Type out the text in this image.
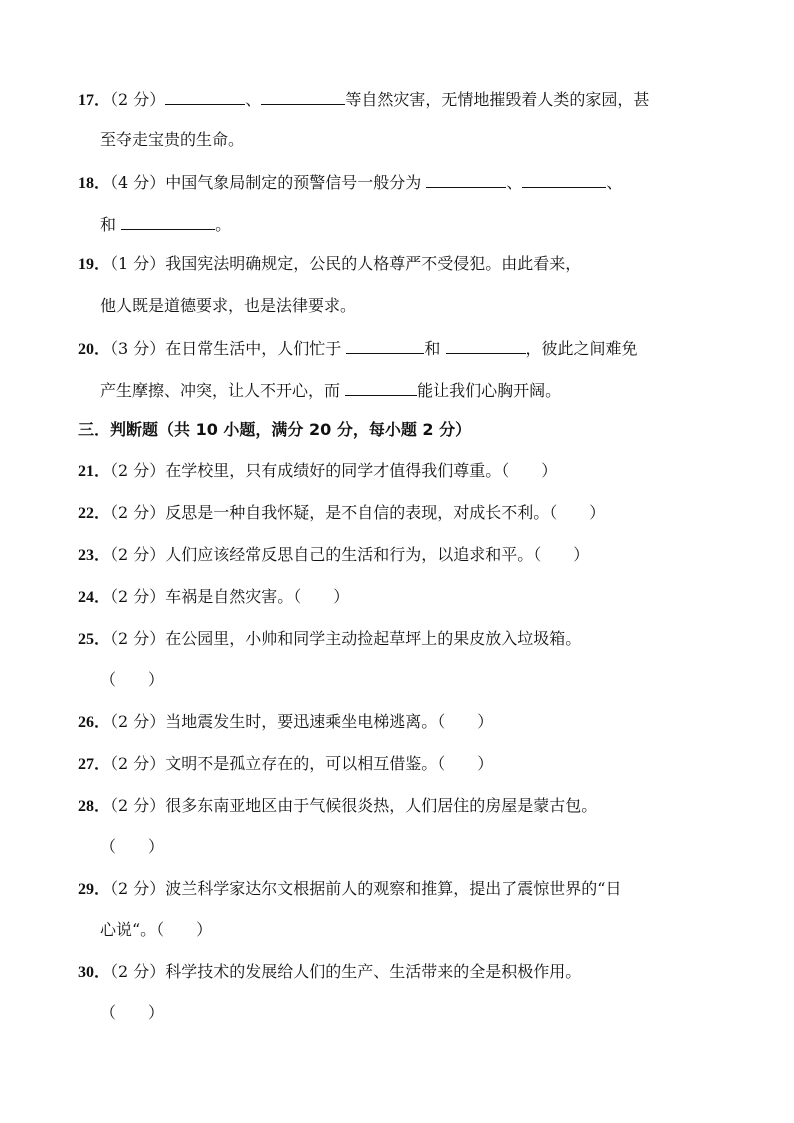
17．（2 分）	、	等自然灾害，无情地摧毁着人类的家园，甚
至夺走宝贵的生命。
18．（4 分）中国气象局制定的预警信号一般分为	、	、
和	。
19．（1 分）我国宪法明确规定，公民的人格尊严不受侵犯。由此看来，
他人既是道德要求，也是法律要求。
20．（3 分）在日常生活中，人们忙于	和	，彼此之间难免
产生摩擦、冲突，让人不开心，而	能让我们心胸开阔。
三．判断题（共 10 小题，满分 20 分，每小题 2 分）
21．（2 分）在学校里，只有成绩好的同学才值得我们尊重。（　　）
22．（2 分）反思是一种自我怀疑，是不自信的表现，对成长不利。（　　）
23．（2 分）人们应该经常反思自己的生活和行为，以追求和平。（　　）
24．（2 分）车祸是自然灾害。（　　）
25．（2 分）在公园里，小帅和同学主动捡起草坪上的果皮放入垃圾箱。
（　　）
26．（2 分）当地震发生时，要迅速乘坐电梯逃离。（　　）
27．（2 分）文明不是孤立存在的，可以相互借鉴。（　　）
28．（2 分）很多东南亚地区由于气候很炎热，人们居住的房屋是蒙古包。
（　　）
29．（2 分）波兰科学家达尔文根据前人的观察和推算，提出了震惊世界的“日
心说“。（　　）
30．（2 分）科学技术的发展给人们的生产、生活带来的全是积极作用。
（　　）
